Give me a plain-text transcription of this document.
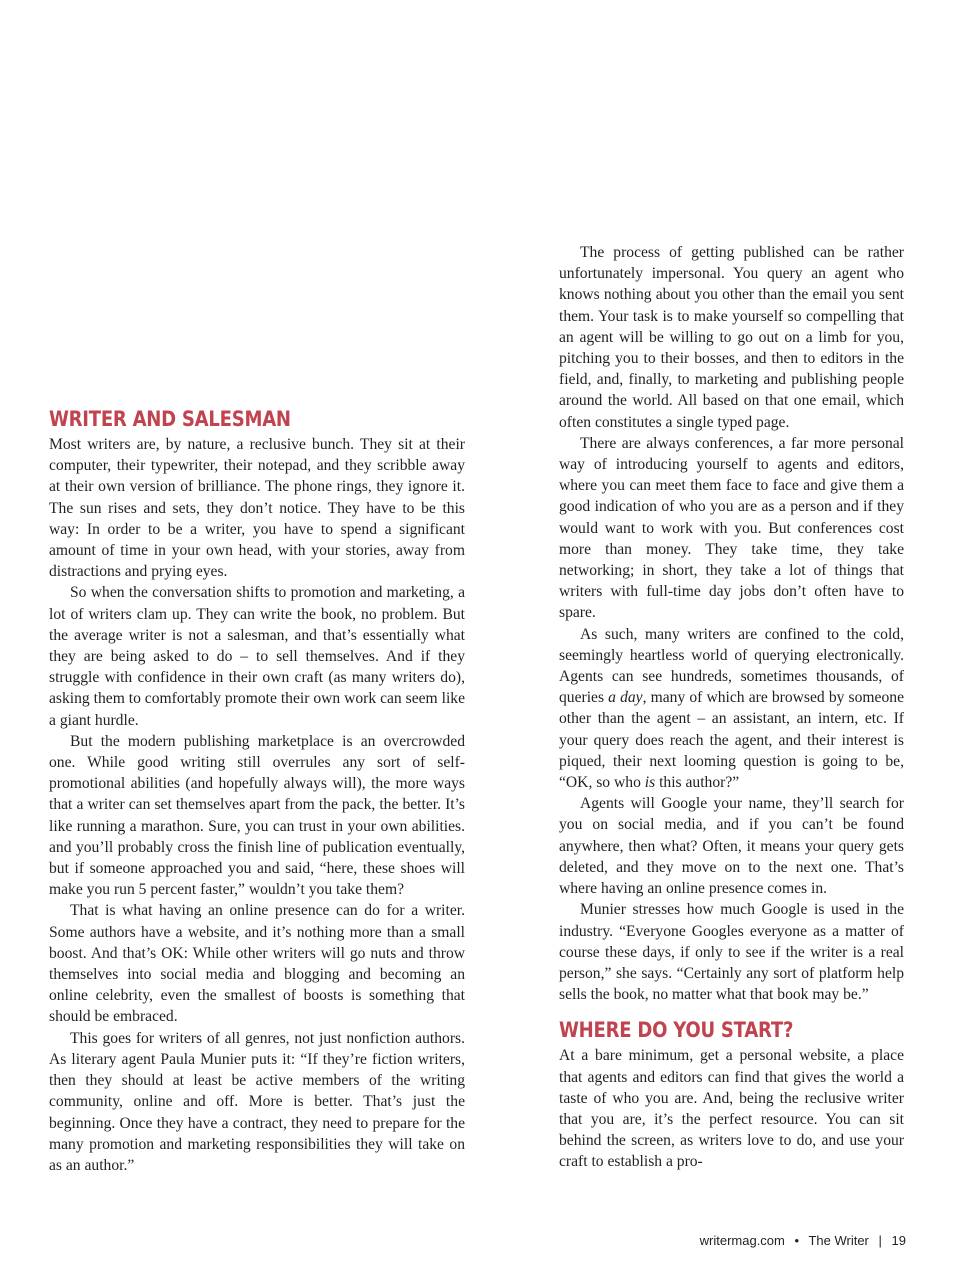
WRITER AND SALESMAN

Most writers are, by nature, a reclusive bunch. They sit at their computer, their typewriter, their notepad, and they scribble away at their own version of brilliance. The phone rings, they ignore it. The sun rises and sets, they don’t notice. They have to be this way: In order to be a writer, you have to spend a significant amount of time in your own head, with your stories, away from distractions and prying eyes.

So when the conversation shifts to promotion and marketing, a lot of writers clam up. They can write the book, no problem. But the average writer is not a salesman, and that’s essentially what they are being asked to do – to sell themselves. And if they struggle with confidence in their own craft (as many writers do), asking them to comfortably promote their own work can seem like a giant hurdle.

But the modern publishing marketplace is an overcrowded one. While good writing still overrules any sort of self-promotional abilities (and hopefully always will), the more ways that a writer can set themselves apart from the pack, the better. It’s like running a marathon. Sure, you can trust in your own abilities. and you’ll probably cross the finish line of publication eventually, but if someone approached you and said, “here, these shoes will make you run 5 percent faster,” wouldn’t you take them?

That is what having an online presence can do for a writer. Some authors have a website, and it’s nothing more than a small boost. And that’s OK: While other writers will go nuts and throw themselves into social media and blogging and becoming an online celebrity, even the smallest of boosts is something that should be embraced.

This goes for writers of all genres, not just nonfiction authors. As literary agent Paula Munier puts it: “If they’re fiction writers, then they should at least be active members of the writing community, online and off. More is better. That’s just the beginning. Once they have a contract, they need to prepare for the many promotion and marketing responsibilities they will take on as an author.”

The process of getting published can be rather unfortunately impersonal. You query an agent who knows nothing about you other than the email you sent them. Your task is to make yourself so compelling that an agent will be willing to go out on a limb for you, pitching you to their bosses, and then to editors in the field, and, finally, to marketing and publishing people around the world. All based on that one email, which often constitutes a single typed page.

There are always conferences, a far more personal way of introducing yourself to agents and editors, where you can meet them face to face and give them a good indication of who you are as a person and if they would want to work with you. But conferences cost more than money. They take time, they take networking; in short, they take a lot of things that writers with full-time day jobs don’t often have to spare.

As such, many writers are confined to the cold, seemingly heartless world of querying electronically. Agents can see hundreds, sometimes thousands, of queries a day, many of which are browsed by someone other than the agent – an assistant, an intern, etc. If your query does reach the agent, and their interest is piqued, their next looming question is going to be, “OK, so who is this author?”

Agents will Google your name, they’ll search for you on social media, and if you can’t be found anywhere, then what? Often, it means your query gets deleted, and they move on to the next one. That’s where having an online presence comes in.

Munier stresses how much Google is used in the industry. “Everyone Googles everyone as a matter of course these days, if only to see if the writer is a real person,” she says. “Certainly any sort of platform help sells the book, no matter what that book may be.”

WHERE DO YOU START?

At a bare minimum, get a personal website, a place that agents and editors can find that gives the world a taste of who you are. And, being the reclusive writer that you are, it’s the perfect resource. You can sit behind the screen, as writers love to do, and use your craft to establish a pro-

writermag.com • The Writer | 19
